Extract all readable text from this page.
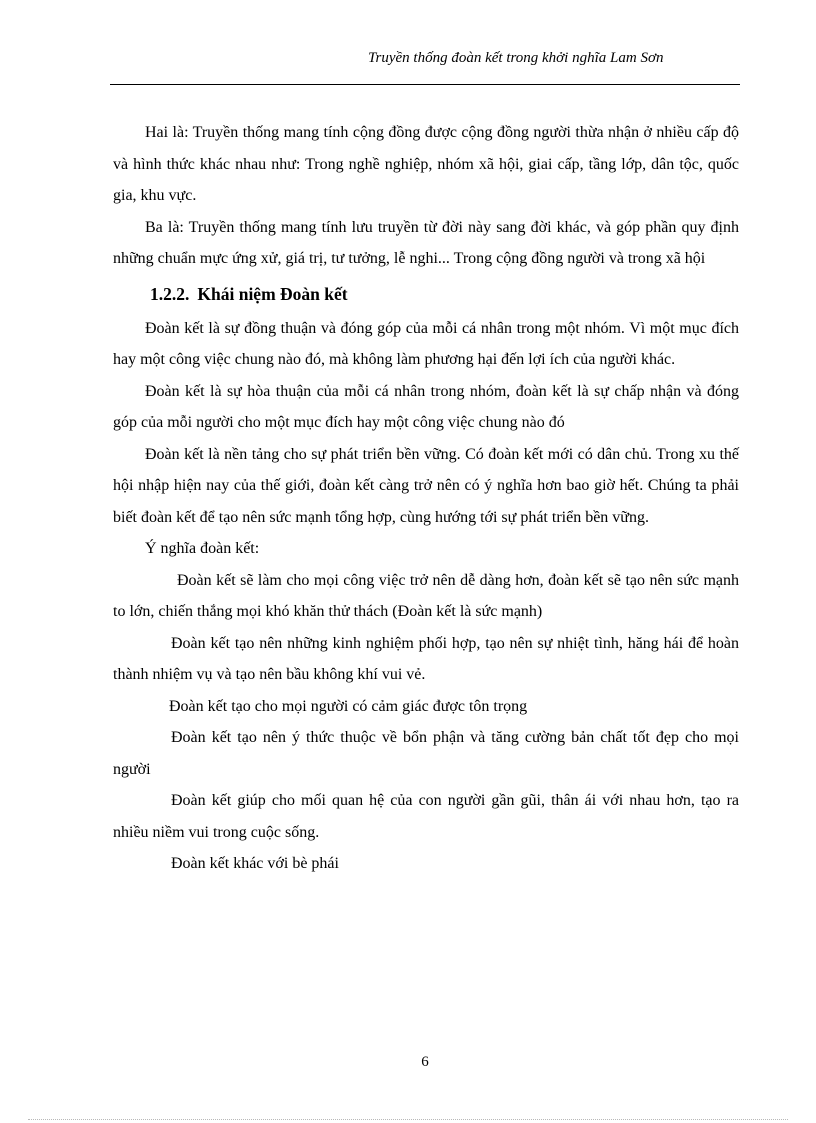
Truyền thống đoàn kết trong khởi nghĩa Lam Sơn

Hai là: Truyền thống mang tính cộng đồng được cộng đồng người thừa nhận ở nhiều cấp độ và hình thức khác nhau như: Trong nghề nghiệp, nhóm xã hội, giai cấp, tầng lớp, dân tộc, quốc gia, khu vực.

Ba là: Truyền thống mang tính lưu truyền từ đời này sang đời khác, và góp phần quy định những chuẩn mực ứng xử, giá trị, tư tưởng, lễ nghi... Trong cộng đồng người và trong xã hội

1.2.2. Khái niệm Đoàn kết

Đoàn kết là sự đồng thuận và đóng góp của mỗi cá nhân trong một nhóm. Vì một mục đích hay một công việc chung nào đó, mà không làm phương hại đến lợi ích của người khác.

Đoàn kết là sự hòa thuận của mỗi cá nhân trong nhóm, đoàn kết là sự chấp nhận và đóng góp của mỗi người cho một mục đích hay một công việc chung nào đó

Đoàn kết là nền tảng cho sự phát triển bền vững. Có đoàn kết mới có dân chủ. Trong xu thế hội nhập hiện nay của thế giới, đoàn kết càng trở nên có ý nghĩa hơn bao giờ hết. Chúng ta phải biết đoàn kết để tạo nên sức mạnh tổng hợp, cùng hướng tới sự phát triển bền vững.

Ý nghĩa đoàn kết:

Đoàn kết sẽ làm cho mọi công việc trở nên dễ dàng hơn, đoàn kết sẽ tạo nên sức mạnh to lớn, chiến thắng mọi khó khăn thử thách (Đoàn kết là sức mạnh)

Đoàn kết tạo nên những kinh nghiệm phối hợp, tạo nên sự nhiệt tình, hăng hái để hoàn thành nhiệm vụ và tạo nên bầu không khí vui vẻ.

Đoàn kết tạo cho mọi người có cảm giác được tôn trọng

Đoàn kết tạo nên ý thức thuộc về bổn phận và tăng cường bản chất tốt đẹp cho mọi người

Đoàn kết giúp cho mối quan hệ của con người gần gũi, thân ái với nhau hơn, tạo ra nhiều niềm vui trong cuộc sống.

Đoàn kết khác với bè phái

6
